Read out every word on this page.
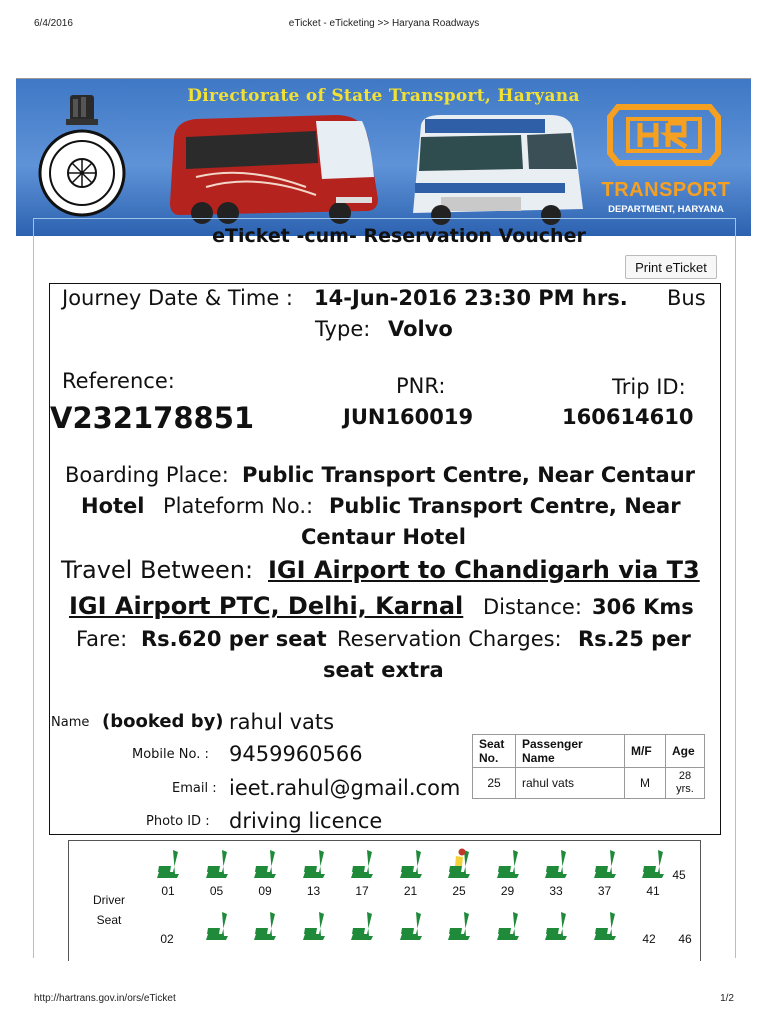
6/4/2016	eTicket - eTicketing >> Haryana Roadways
Directorate of State Transport, Haryana
TRANSPORT
DEPARTMENT, HARYANA
eTicket -cum- Reservation Voucher
Print eTicket
Journey Date & Time : 14-Jun-2016 23:30 PM hrs. Bus
Type: Volvo
Reference:
V232178851
PNR:
JUN160019
Trip ID:
160614610
Boarding Place: Public Transport Centre, Near Centaur
Hotel Plateform No.: Public Transport Centre, Near
Centaur Hotel
Travel Between: IGI Airport to Chandigarh via T3
IGI Airport PTC, Delhi, Karnal Distance: 306 Kms
Fare: Rs.620 per seat Reservation Charges: Rs.25 per
seat extra
Name (booked by) rahul vats
Mobile No. : 9459960566
Email : ieet.rahul@gmail.com
Photo ID : driving licence
Seat No.	Passenger Name	M/F	Age
25	rahul vats	M	28 yrs.
Driver
Seat
45
02	42	46
01	05	09	13	17	21	25	29	33	37	41
http://hartrans.gov.in/ors/eTicket	1/2
